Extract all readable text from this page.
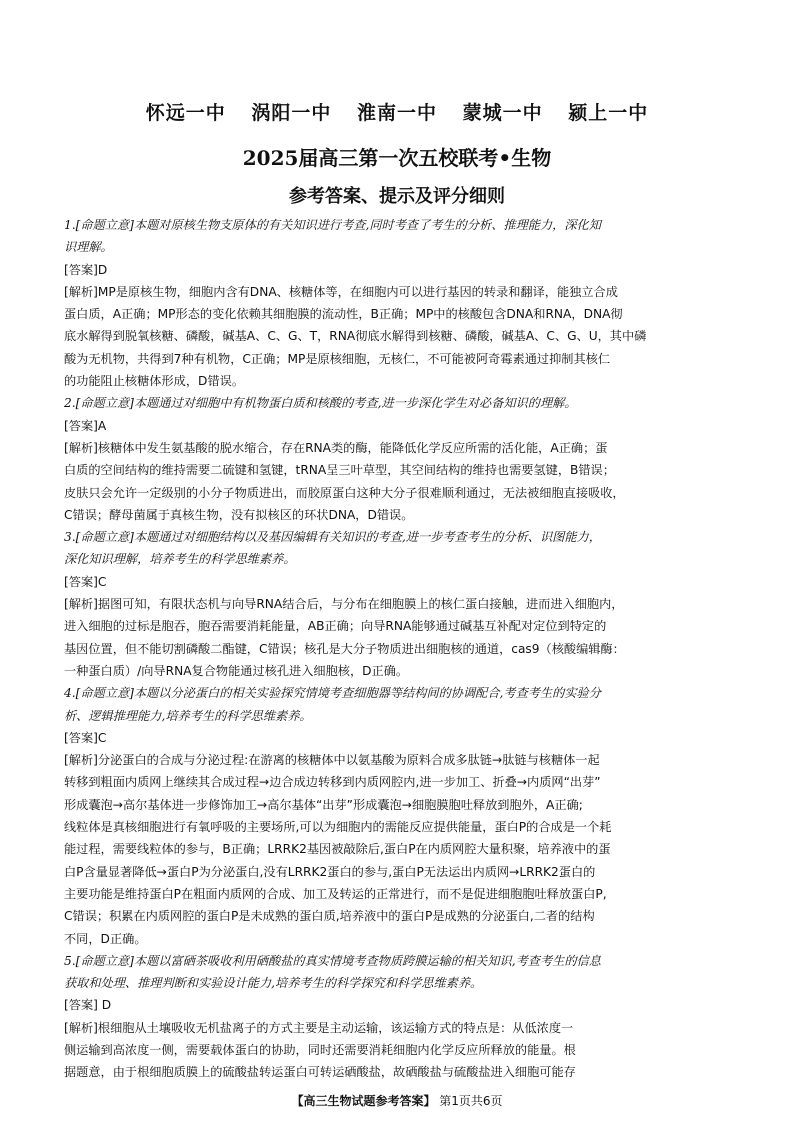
怀远一中 涡阳一中 淮南一中 蒙城一中 颍上一中
2025届高三第一次五校联考•生物
参考答案、提示及评分细则
1.[命题立意]本题对原核生物支原体的有关知识进行考查,同时考查了考生的分析、推理能力，深化知
识理解。
[答案]D
[解析]MP是原核生物，细胞内含有DNA、核糖体等，在细胞内可以进行基因的转录和翻译，能独立合成
蛋白质，A正确；MP形态的变化依赖其细胞膜的流动性，B正确；MP中的核酸包含DNA和RNA，DNA彻
底水解得到脱氧核糖、磷酸，碱基A、C、G、T，RNA彻底水解得到核糖、磷酸，碱基A、C、G、U，其中磷
酸为无机物，共得到7种有机物，C正确；MP是原核细胞，无核仁，不可能被阿奇霉素通过抑制其核仁
的功能阻止核糖体形成，D错误。
2.[命题立意]本题通过对细胞中有机物蛋白质和核酸的考查,进一步深化学生对必备知识的理解。
[答案]A
[解析]核糖体中发生氨基酸的脱水缩合，存在RNA类的酶，能降低化学反应所需的活化能，A正确；蛋
白质的空间结构的维持需要二硫键和氢键，tRNA呈三叶草型，其空间结构的维持也需要氢键，B错误；
皮肤只会允许一定级别的小分子物质进出，而胶原蛋白这种大分子很难顺利通过，无法被细胞直接吸收，
C错误；酵母菌属于真核生物，没有拟核区的环状DNA，D错误。
3.[命题立意]本题通过对细胞结构以及基因编辑有关知识的考查,进一步考查考生的分析、识图能力，
深化知识理解，培养考生的科学思维素养。
[答案]C
[解析]据图可知，有限状态机与向导RNA结合后，与分布在细胞膜上的核仁蛋白接触，进而进入细胞内，
进入细胞的过标是胞吞，胞吞需要消耗能量，AB正确；向导RNA能够通过碱基互补配对定位到特定的
基因位置，但不能切割磷酸二酯键，C错误；核孔是大分子物质进出细胞核的通道，cas9（核酸编辑酶：
一种蛋白质）/向导RNA复合物能通过核孔进入细胞核，D正确。
4.[命题立意]本题以分泌蛋白的相关实验探究情境考查细胞器等结构间的协调配合,考查考生的实验分
析、逻辑推理能力,培养考生的科学思维素养。
[答案]C
[解析]分泌蛋白的合成与分泌过程:在游离的核糖体中以氨基酸为原料合成多肽链→肽链与核糖体一起
转移到粗面内质网上继续其合成过程→边合成边转移到内质网腔内,进一步加工、折叠→内质网“出芽”
形成囊泡→高尔基体进一步修饰加工→高尔基体“出芽”形成囊泡→细胞膜胞吐释放到胞外，A正确;
线粒体是真核细胞进行有氧呼吸的主要场所,可以为细胞内的需能反应提供能量，蛋白P的合成是一个耗
能过程，需要线粒体的参与，B正确；LRRK2基因被敲除后,蛋白P在内质网腔大量积聚，培养液中的蛋
白P含量显著降低→蛋白P为分泌蛋白,没有LRRK2蛋白的参与,蛋白P无法运出内质网→LRRK2蛋白的
主要功能是维持蛋白P在粗面内质网的合成、加工及转运的正常进行，而不是促进细胞胞吐释放蛋白P,
C错误；积累在内质网腔的蛋白P是未成熟的蛋白质,培养液中的蛋白P是成熟的分泌蛋白,二者的结构
不同，D正确。
5.[命题立意]本题以富硒茶吸收利用硒酸盐的真实情境考查物质跨膜运输的相关知识,考查考生的信息
获取和处理、推理判断和实验设计能力,培养考生的科学探究和科学思维素养。
[答案] D
[解析]根细胞从土壤吸收无机盐离子的方式主要是主动运输，该运输方式的特点是：从低浓度一
侧运输到高浓度一侧，需要载体蛋白的协助，同时还需要消耗细胞内化学反应所释放的能量。根
据题意，由于根细胞质膜上的硫酸盐转运蛋白可转运硒酸盐，故硒酸盐与硫酸盐进入细胞可能存
【高三生物试题参考答案】 第1页共6页
